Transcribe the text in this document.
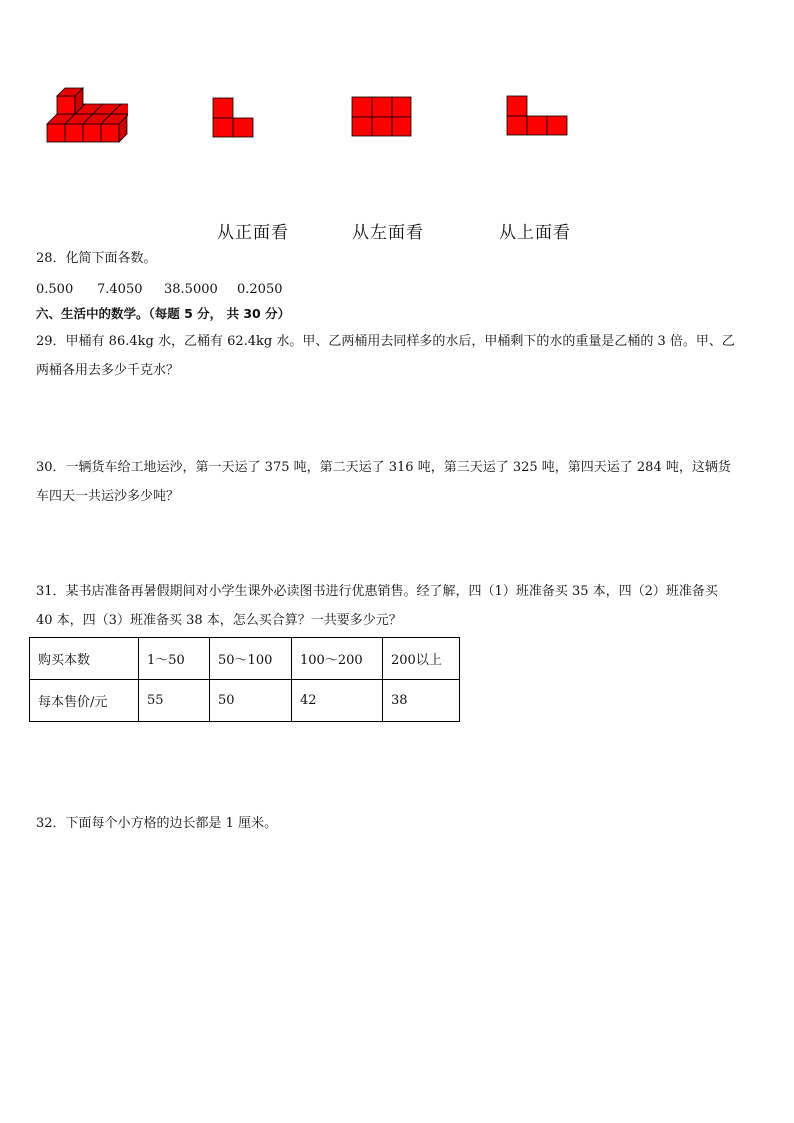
从正面看	从左面看	从上面看
28．化简下面各数。
0.500 7.4050 38.5000 0.2050
六、生活中的数学。（每题 5 分， 共 30 分）
29．甲桶有 86.4kg 水，乙桶有 62.4kg 水。甲、乙两桶用去同样多的水后，甲桶剩下的水的重量是乙桶的 3 倍。甲、乙
两桶各用去多少千克水？
30．一辆货车给工地运沙，第一天运了 375 吨，第二天运了 316 吨，第三天运了 325 吨，第四天运了 284 吨，这辆货
车四天一共运沙多少吨？
31．某书店准备再暑假期间对小学生课外必读图书进行优惠销售。经了解，四（1）班准备买 35 本，四（2）班准备买
40 本，四（3）班准备买 38 本，怎么买合算？一共要多少元？
购买本数	1～50	50～100	100～200	200以上
每本售价/元	55	50	42	38
32．下面每个小方格的边长都是 1 厘米。
